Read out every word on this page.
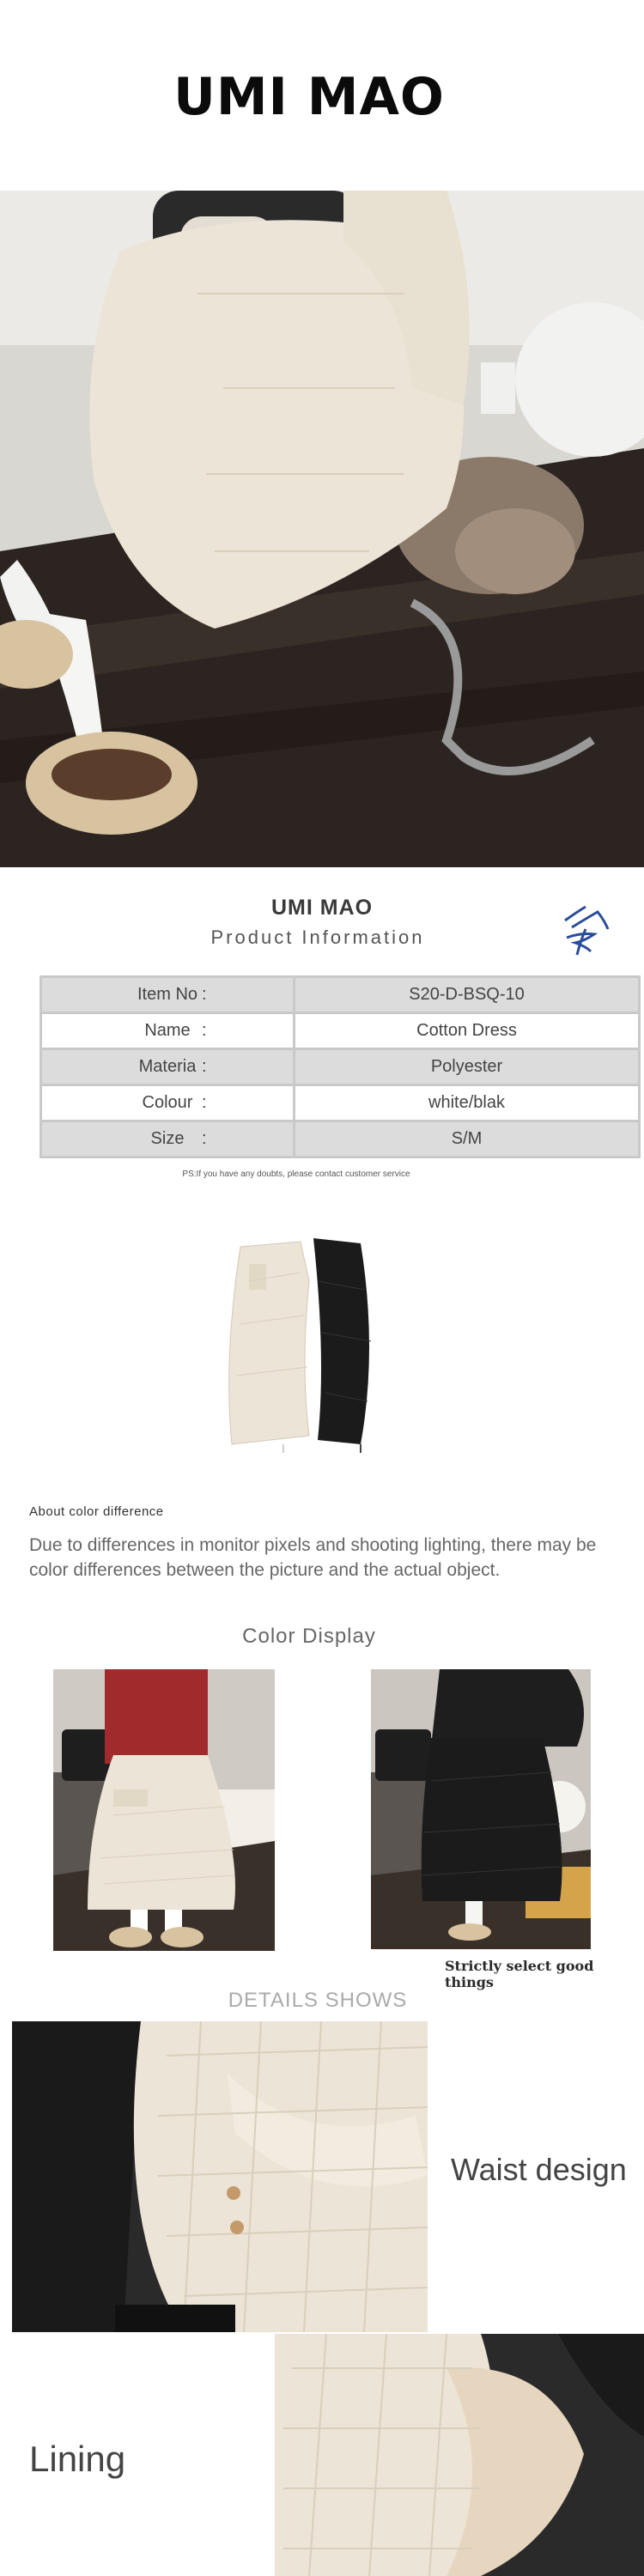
UMI MAO
UMI MAO
Product Information
Item No :	S20-D-BSQ-10
Name :	Cotton Dress
Materia :	Polyester
Colour :	white/blak
Size :	S/M
PS:If you have any doubts, please contact customer service
About color difference
Due to differences in monitor pixels and shooting lighting, there may be color differences between the picture and the actual object.
Color Display
Strictly select good things
DETAILS SHOWS
Waist design
Lining
